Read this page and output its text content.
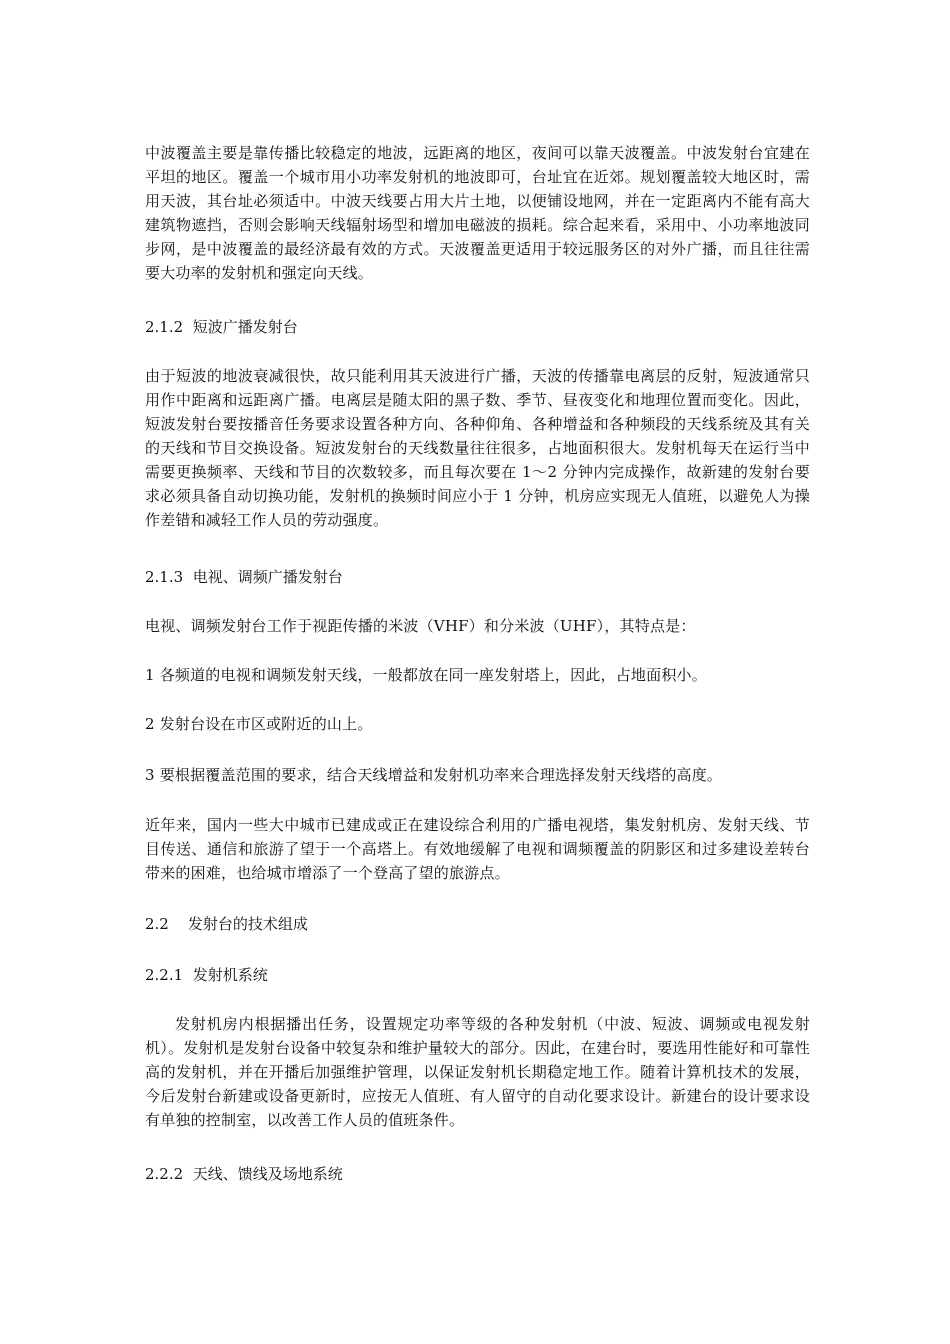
中波覆盖主要是靠传播比较稳定的地波，远距离的地区，夜间可以靠天波覆盖。中波发射台宜建在平坦的地区。覆盖一个城市用小功率发射机的地波即可，台址宜在近郊。规划覆盖较大地区时，需用天波，其台址必须适中。中波天线要占用大片土地，以便铺设地网，并在一定距离内不能有高大建筑物遮挡，否则会影响天线辐射场型和增加电磁波的损耗。综合起来看，采用中、小功率地波同步网，是中波覆盖的最经济最有效的方式。天波覆盖更适用于较远服务区的对外广播，而且往往需要大功率的发射机和强定向天线。

2.1.2  短波广播发射台

由于短波的地波衰减很快，故只能利用其天波进行广播，天波的传播靠电离层的反射，短波通常只用作中距离和远距离广播。电离层是随太阳的黑子数、季节、昼夜变化和地理位置而变化。因此，短波发射台要按播音任务要求设置各种方向、各种仰角、各种增益和各种频段的天线系统及其有关的天线和节目交换设备。短波发射台的天线数量往往很多，占地面积很大。发射机每天在运行当中需要更换频率、天线和节目的次数较多，而且每次要在 1～2 分钟内完成操作，故新建的发射台要求必须具备自动切换功能，发射机的换频时间应小于 1 分钟，机房应实现无人值班，以避免人为操作差错和减轻工作人员的劳动强度。

2.1.3  电视、调频广播发射台

电视、调频发射台工作于视距传播的米波（VHF）和分米波（UHF），其特点是：

1 各频道的电视和调频发射天线，一般都放在同一座发射塔上，因此，占地面积小。

2 发射台设在市区或附近的山上。

3 要根据覆盖范围的要求，结合天线增益和发射机功率来合理选择发射天线塔的高度。

近年来，国内一些大中城市已建成或正在建设综合利用的广播电视塔，集发射机房、发射天线、节目传送、通信和旅游了望于一个高塔上。有效地缓解了电视和调频覆盖的阴影区和过多建设差转台带来的困难，也给城市增添了一个登高了望的旅游点。

2.2    发射台的技术组成

2.2.1  发射机系统

发射机房内根据播出任务，设置规定功率等级的各种发射机（中波、短波、调频或电视发射机）。发射机是发射台设备中较复杂和维护量较大的部分。因此，在建台时，要选用性能好和可靠性高的发射机，并在开播后加强维护管理，以保证发射机长期稳定地工作。随着计算机技术的发展，今后发射台新建或设备更新时，应按无人值班、有人留守的自动化要求设计。新建台的设计要求设有单独的控制室，以改善工作人员的值班条件。

2.2.2  天线、馈线及场地系统
